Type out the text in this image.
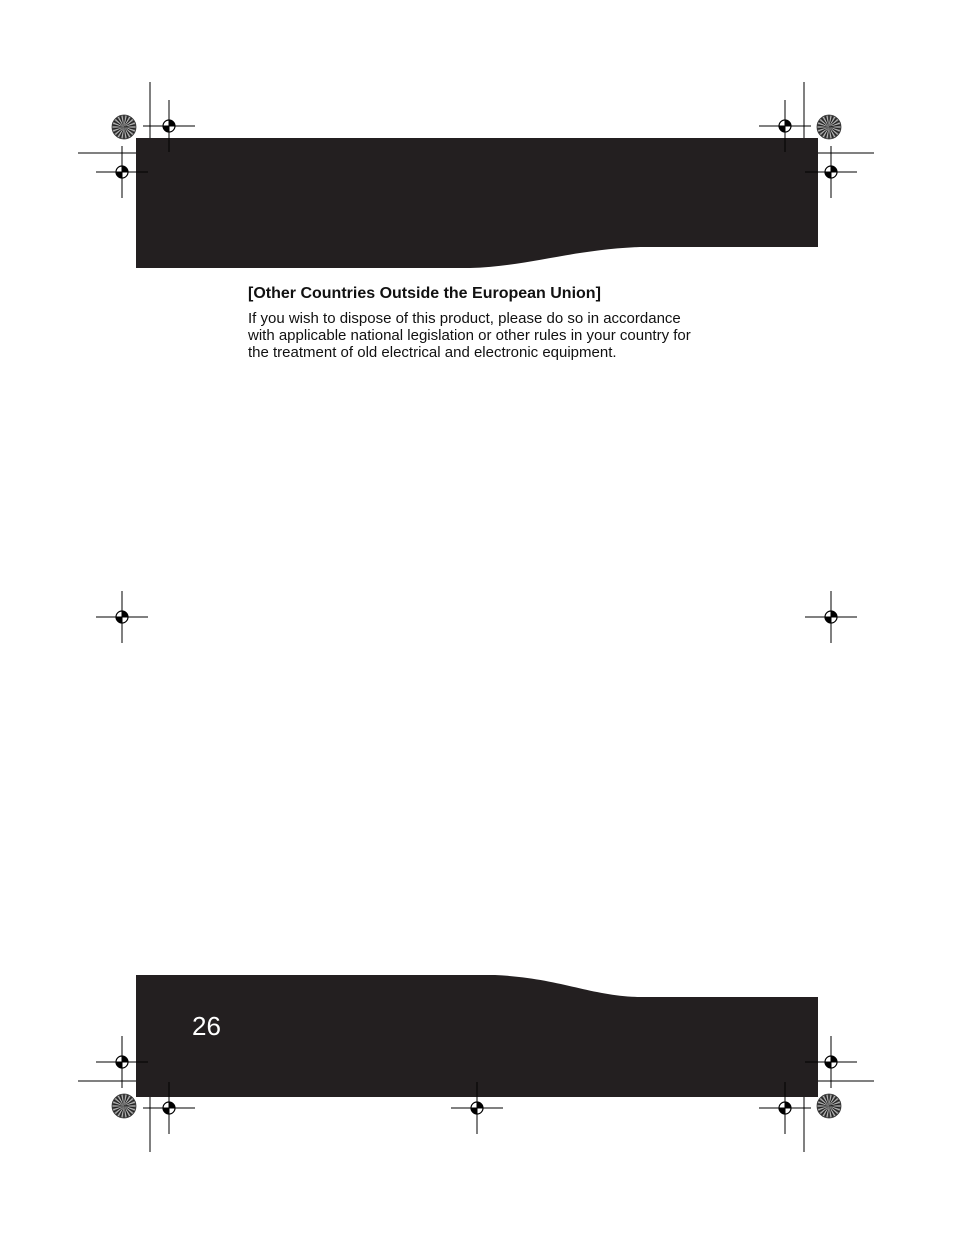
[Other Countries Outside the European Union]

If you wish to dispose of this product, please do so in accordance
with applicable national legislation or other rules in your country for
the treatment of old electrical and electronic equipment.

26
